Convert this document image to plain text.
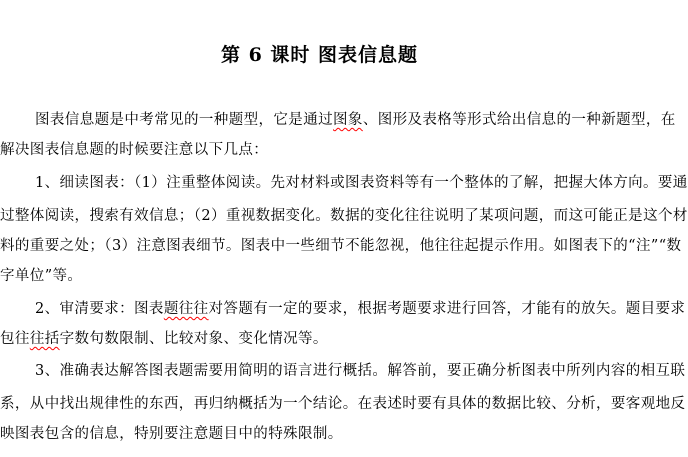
第 6 课时 图表信息题
图表信息题是中考常见的一种题型，它是通过图象、图形及表格等形式给出信息的一种新题型，在
解决图表信息题的时候要注意以下几点：
1、细读图表：（1）注重整体阅读。先对材料或图表资料等有一个整体的了解，把握大体方向。要通
过整体阅读，搜索有效信息；（2）重视数据变化。数据的变化往往说明了某项问题，而这可能正是这个材
料的重要之处；（3）注意图表细节。图表中一些细节不能忽视，他往往起提示作用。如图表下的“注”“数
字单位”等。
2、审清要求：图表题往往对答题有一定的要求，根据考题要求进行回答，才能有的放矢。题目要求
包往往括字数句数限制、比较对象、变化情况等。
3、准确表达解答图表题需要用简明的语言进行概括。解答前，要正确分析图表中所列内容的相互联
系，从中找出规律性的东西，再归纳概括为一个结论。在表述时要有具体的数据比较、分析，要客观地反
映图表包含的信息，特别要注意题目中的特殊限制。
